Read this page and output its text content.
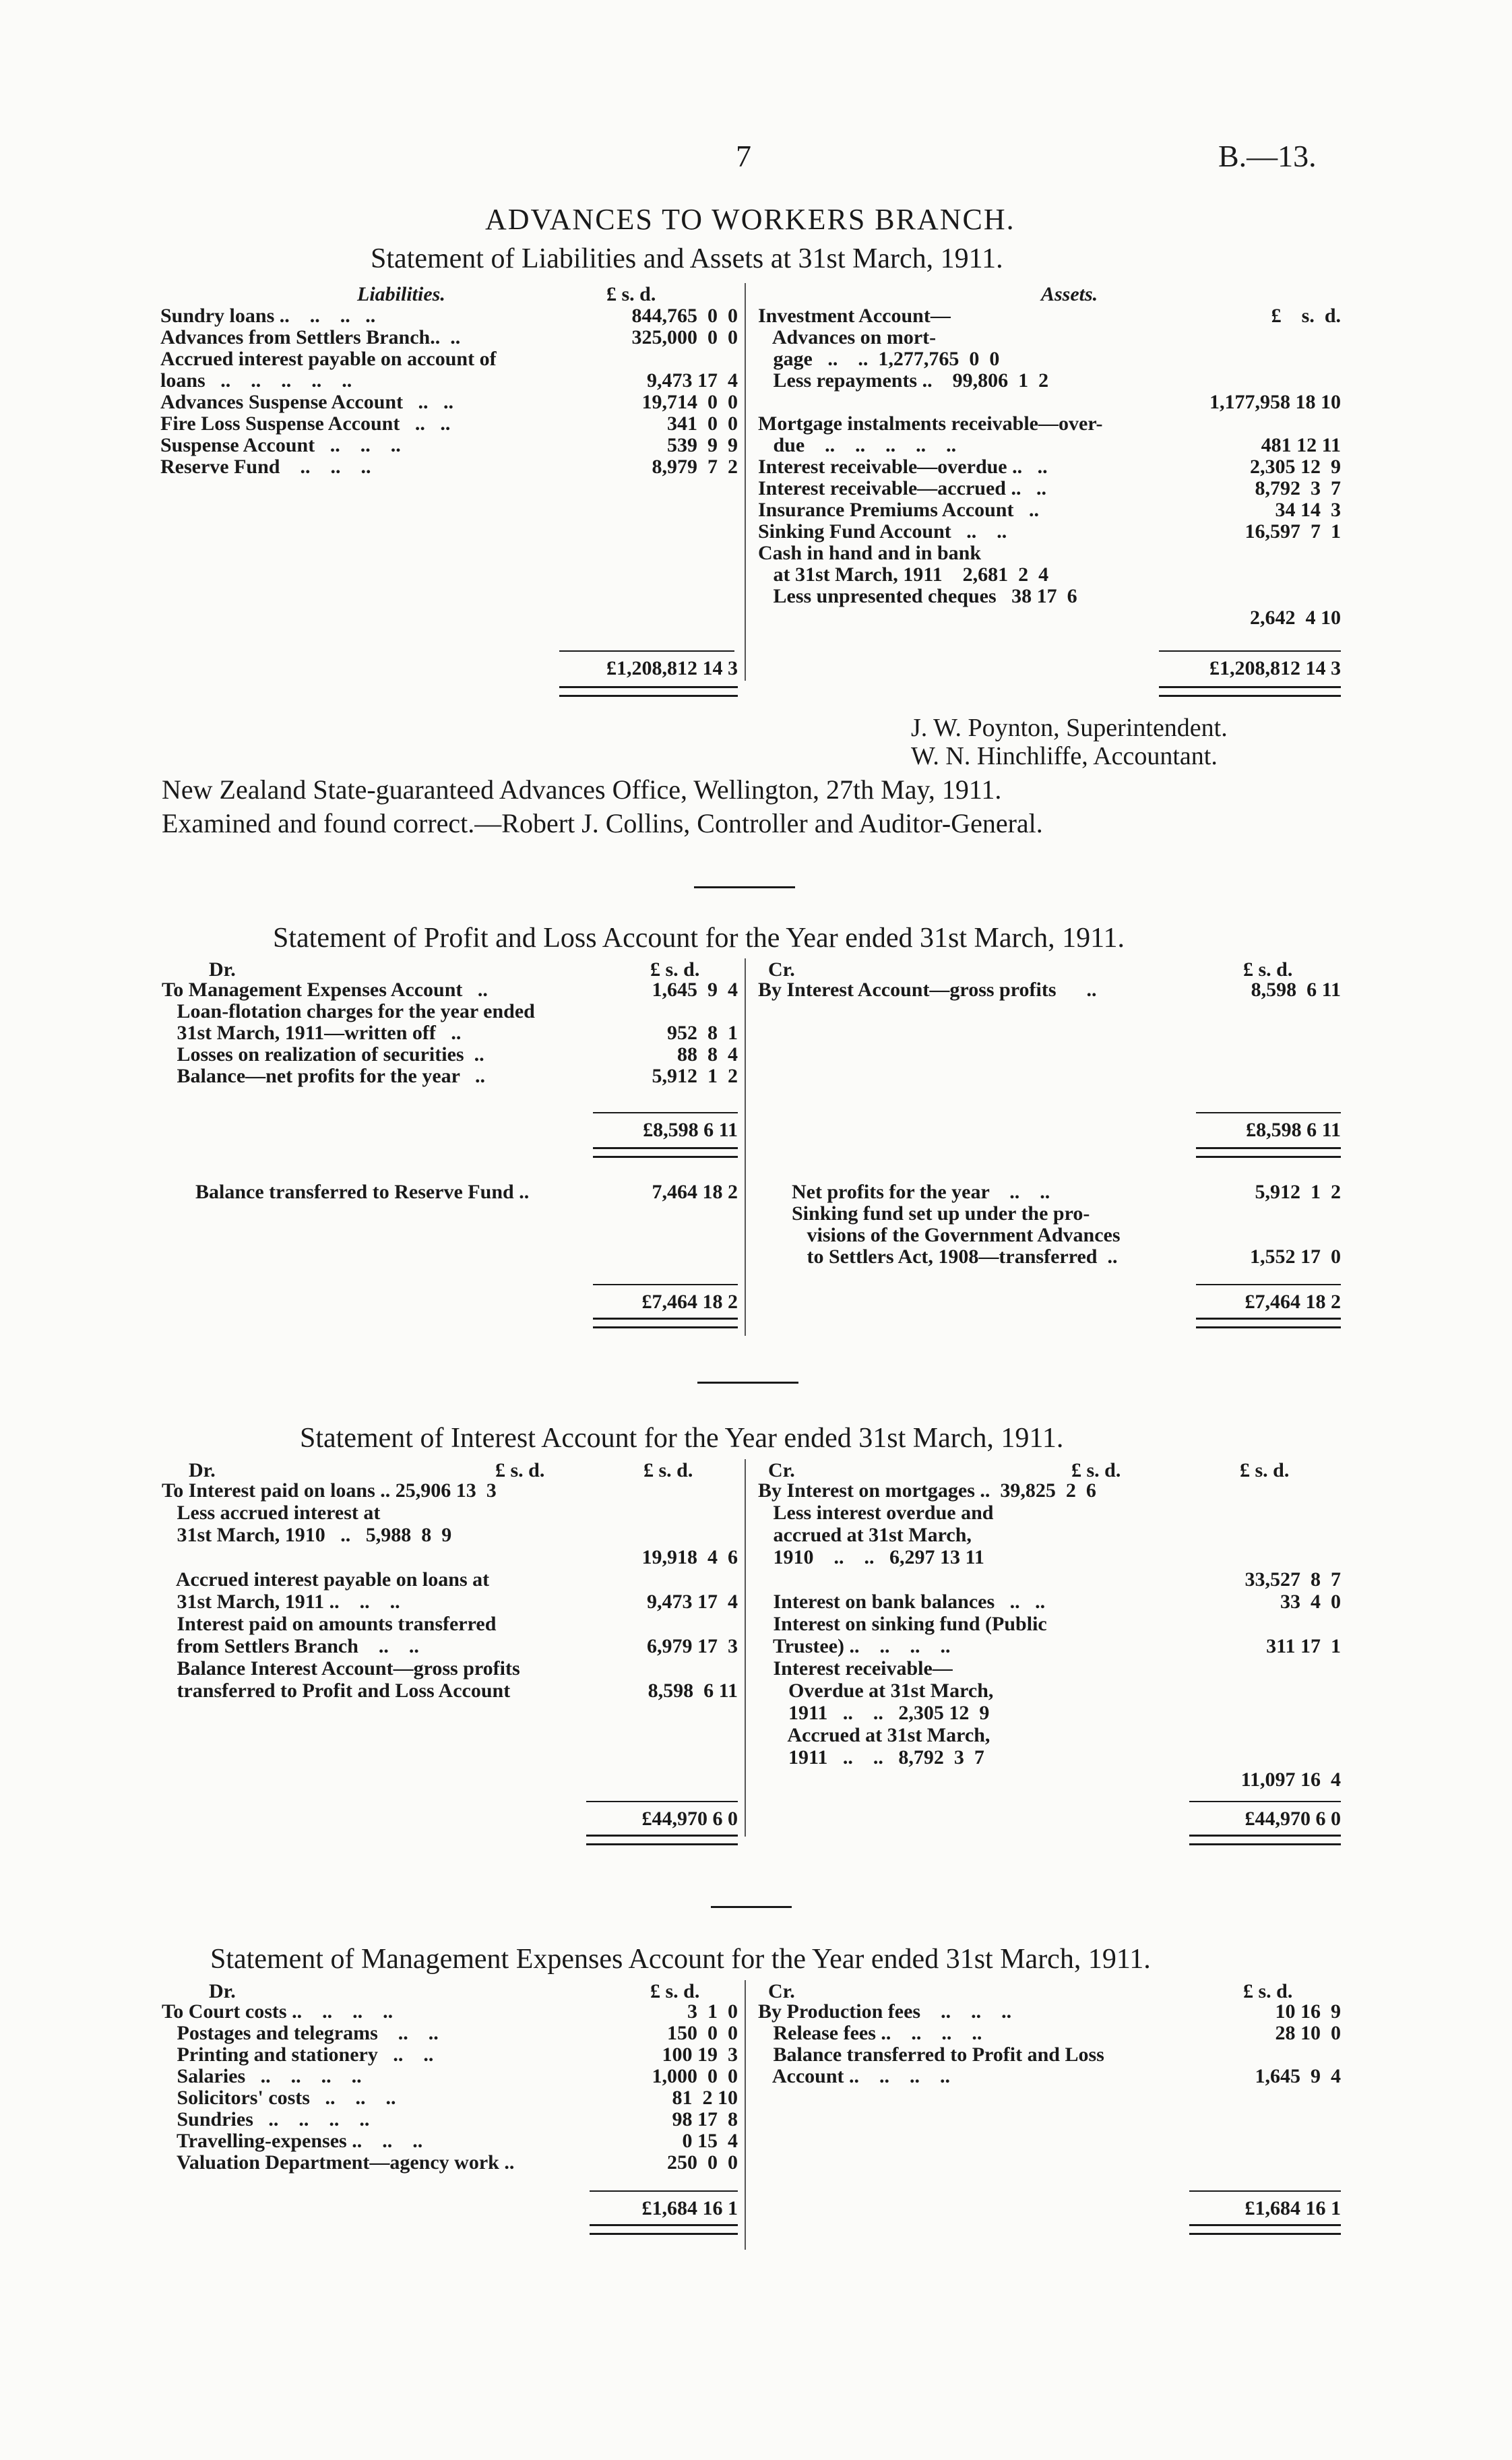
7	B.—13.
ADVANCES TO WORKERS BRANCH.
Statement of Liabilities and Assets at 31st March, 1911.
Liabilities.	£ s. d.	Assets.
Sundry loans ..    ..    ..   ..	844,765  0  0
Advances from Settlers Branch..  ..	325,000  0  0
Accrued interest payable on account of
loans   ..    ..    ..    ..    ..	9,473 17  4
Advances Suspense Account   ..   ..	19,714  0  0
Fire Loss Suspense Account   ..   ..	341  0  0
Suspense Account   ..    ..    ..	539  9  9
Reserve Fund    ..    ..    ..	8,979  7  2
Investment Account—	£    s.  d.
Advances on mort-
gage   ..    ..  1,277,765  0  0
Less repayments ..    99,806  1  2
1,177,958 18 10
Mortgage instalments receivable—over-
due    ..    ..    ..    ..    ..	481 12 11
Interest receivable—overdue ..   ..	2,305 12  9
Interest receivable—accrued ..   ..	8,792  3  7
Insurance Premiums Account   ..	34 14  3
Sinking Fund Account   ..    ..	16,597  7  1
Cash in hand and in bank
at 31st March, 1911    2,681  2  4
Less unpresented cheques   38 17  6
2,642  4 10
£1,208,812 14 3	£1,208,812 14 3
J. W. Poynton, Superintendent.
W. N. Hinchliffe, Accountant.
New Zealand State-guaranteed Advances Office, Wellington, 27th May, 1911.
Examined and found correct.—Robert J. Collins, Controller and Auditor-General.
Statement of Profit and Loss Account for the Year ended 31st March, 1911.
Dr.	£ s. d.	Cr.	£ s. d.
To Management Expenses Account   ..	1,645  9  4
Loan-flotation charges for the year ended
31st March, 1911—written off   ..	952  8  1
Losses on realization of securities  ..	88  8  4
Balance—net profits for the year   ..	5,912  1  2
By Interest Account—gross profits      ..	8,598  6 11
£8,598 6 11	£8,598 6 11
Balance transferred to Reserve Fund ..	7,464 18 2	Net profits for the year    ..    ..	5,912  1  2
Sinking fund set up under the pro-
visions of the Government Advances
to Settlers Act, 1908—transferred  ..	1,552 17  0
£7,464 18 2	£7,464 18 2
Statement of Interest Account for the Year ended 31st March, 1911.
Dr.	£ s. d.	£ s. d.	Cr.	£ s. d.	£ s. d.
To Interest paid on loans .. 25,906 13  3
Less accrued interest at
31st March, 1910   ..   5,988  8  9
19,918  4  6
Accrued interest payable on loans at
31st March, 1911 ..    ..    ..	9,473 17  4
Interest paid on amounts transferred
from Settlers Branch    ..    ..	6,979 17  3
Balance Interest Account—gross profits
transferred to Profit and Loss Account	8,598  6 11
By Interest on mortgages ..  39,825  2  6
Less interest overdue and
accrued at 31st March,
1910    ..    ..   6,297 13 11
33,527  8  7
Interest on bank balances   ..   ..	33  4  0
Interest on sinking fund (Public
Trustee) ..    ..    ..    ..	311 17  1
Interest receivable—
Overdue at 31st March,
1911   ..    ..   2,305 12  9
Accrued at 31st March,
1911   ..    ..   8,792  3  7
11,097 16  4
£44,970 6 0	£44,970 6 0
Statement of Management Expenses Account for the Year ended 31st March, 1911.
Dr.	£ s. d.	Cr.	£ s. d.
To Court costs ..    ..    ..    ..	3  1  0
Postages and telegrams    ..    ..	150  0  0
Printing and stationery   ..    ..	100 19  3
Salaries   ..    ..    ..    ..	1,000  0  0
Solicitors' costs   ..    ..    ..	81  2 10
Sundries   ..    ..    ..    ..	98 17  8
Travelling-expenses ..    ..    ..	0 15  4
Valuation Department—agency work ..	250  0  0
By Production fees    ..    ..    ..	10 16  9
Release fees ..    ..    ..    ..	28 10  0
Balance transferred to Profit and Loss
Account ..    ..    ..    ..	1,645  9  4
£1,684 16 1	£1,684 16 1
